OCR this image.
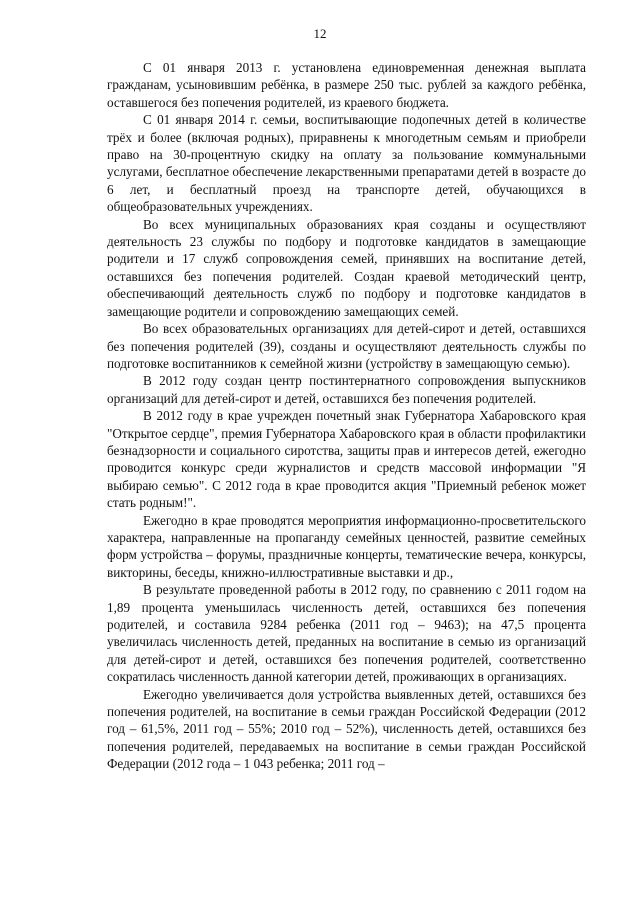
12

С 01 января 2013 г. установлена единовременная денежная выплата гражданам, усыновившим ребёнка, в размере 250 тыс. рублей за каждого ребёнка, оставшегося без попечения родителей, из краевого бюджета.

С 01 января 2014 г. семьи, воспитывающие подопечных детей в количестве трёх и более (включая родных), приравнены к многодетным семьям и приобрели право на 30-процентную скидку на оплату за пользование коммунальными услугами, бесплатное обеспечение лекарственными препаратами детей в возрасте до 6 лет, и бесплатный проезд на транспорте детей, обучающихся в общеобразовательных учреждениях.

Во всех муниципальных образованиях края созданы и осуществляют деятельность 23 службы по подбору и подготовке кандидатов в замещающие родители и 17 служб сопровождения семей, принявших на воспитание детей, оставшихся без попечения родителей. Создан краевой методический центр, обеспечивающий деятельность служб по подбору и подготовке кандидатов в замещающие родители и сопровождению замещающих семей.

Во всех образовательных организациях для детей-сирот и детей, оставшихся без попечения родителей (39), созданы и осуществляют деятельность службы по подготовке воспитанников к семейной жизни (устройству в замещающую семью).

В 2012 году создан центр постинтернатного сопровождения выпускников организаций для детей-сирот и детей, оставшихся без попечения родителей.

В 2012 году в крае учрежден почетный знак Губернатора Хабаровского края "Открытое сердце", премия Губернатора Хабаровского края в области профилактики безнадзорности и социального сиротства, защиты прав и интересов детей, ежегодно проводится конкурс среди журналистов и средств массовой информации "Я выбираю семью". С 2012 года в крае проводится акция "Приемный ребенок может стать родным!".

Ежегодно в крае проводятся мероприятия информационно-просветительского характера, направленные на пропаганду семейных ценностей, развитие семейных форм устройства – форумы, праздничные концерты, тематические вечера, конкурсы, викторины, беседы, книжно-иллюстративные выставки и др.,

В результате проведенной работы в 2012 году, по сравнению с 2011 годом на 1,89 процента уменьшилась численность детей, оставшихся без попечения родителей, и составила 9284 ребенка (2011 год – 9463); на 47,5 процента увеличилась численность детей, преданных на воспитание в семью из организаций для детей-сирот и детей, оставшихся без попечения родителей, соответственно сократилась численность данной категории детей, проживающих в организациях.

Ежегодно увеличивается доля устройства выявленных детей, оставшихся без попечения родителей, на воспитание в семьи граждан Российской Федерации (2012 год – 61,5%, 2011 год – 55%; 2010 год – 52%), численность детей, оставшихся без попечения родителей, передаваемых на воспитание в семьи граждан Российской Федерации (2012 года – 1 043 ребенка; 2011 год –
